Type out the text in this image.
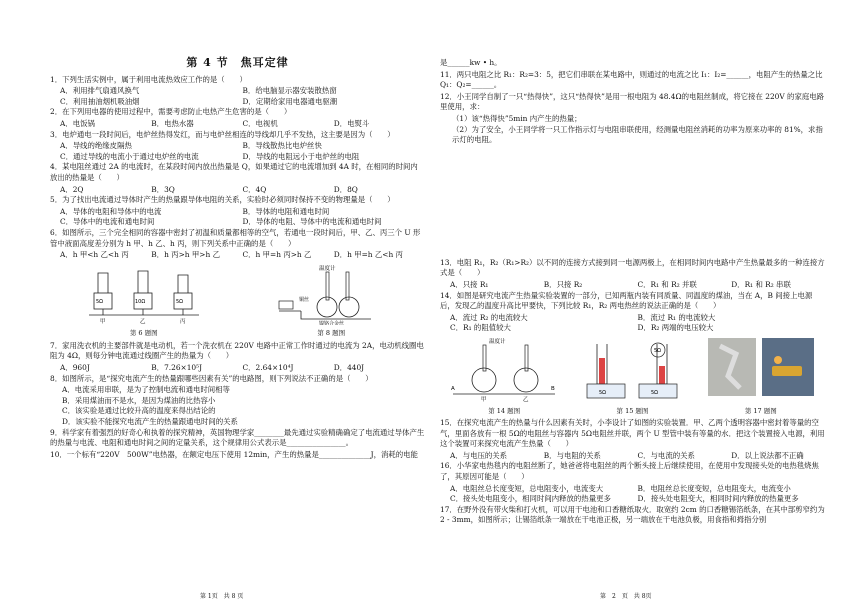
第 4 节　焦耳定律
1．下列生活实例中，属于利用电流热效应工作的是（　　）
A．利用排气扇通风换气	B．给电脑显示器安装散热窗
C．利用抽油烟机吸油烟	D．定期给家用电器通电驱潮
2．在下列用电器的使用过程中，需要考虑防止电热产生危害的是（　　）
A．电饭锅	B．电热水器	C．电视机	D．电熨斗
3．电炉通电一段时间后，电炉丝热得发红，而与电炉丝相连的导线却几乎不发热，这主要是因为（　　）
A．导线的绝缘皮隔热	B．导线散热比电炉丝快
C．通过导线的电流小于通过电炉丝的电流	D．导线的电阻远小于电炉丝的电阻
4．某电阻丝通过 2A 的电流时，在某段时间内放出热量是 Q，如果通过它的电流增加到 4A 时，在相同的时间内放出的热量是（　　）
A．2Q	B．3Q	C．4Q	D．8Q
5．为了找出电流通过导体时产生的热量跟导体电阻的关系，实验时必须同时保持不变的物理量是（　　）
A．导体的电阻和导体中的电流	B．导体的电阻和通电时间
C．导体中的电流和通电时间	D．导体的电阻、导体中的电流和通电时间
6．如图所示，三个完全相同的容器中密封了初温和质量都相等的空气，若通电一段时间后，甲、乙、丙三个 U 形管中液面高度差分别为 h 甲、h 乙、h 丙，则下列关系中正确的是（　　）
A．h 甲<h 乙<h 丙	B．h 丙>h 甲>h 乙	C．h 甲=h 丙>h 乙	D．h 甲=h 乙<h 丙
5Ω	10Ω	5Ω
甲	乙	丙
第 6 题图
温度计
铜丝
镍铬合金丝
第 8 题图
7．家用洗衣机的主要部件就是电动机，若一个洗衣机在 220V 电路中正常工作时通过的电流为 2A，电动机线圈电阻为 4Ω，则每分钟电流通过线圈产生的热量为（　　）
A．960J	B．7.26×10⁵J	C．2.64×10⁴J	D．440J
8．如图所示，是“探究电流产生的热量跟哪些因素有关”的电路图，则下列说法不正确的是（　　）
A．电流采用串联，是为了控制电流和通电时间相等
B．采用煤油而不是水，是因为煤油的比热容小
C．该实验是通过比较升高的温度来得出结论的
D．该实验不能探究电流产生的热量跟通电时间的关系
9．科学家有着强烈的好奇心和执着的探究精神，英国物理学家________最先通过实验精确确定了电流通过导体产生的热量与电流、电阻和通电时间之间的定量关系，这个规律用公式表示是________________。
10．一个标有“220V　500W”电热器，在额定电压下使用 12min，产生的热量是______________J，消耗的电能
第 1页　共 8 页
是______kw • h。
11．两只电阻之比 R₁：R₂=3：5，把它们串联在某电路中，则通过的电流之比 I₁：I₂=______，电阻产生的热量之比 Q₁：Q₂=______。
12．小王同学自制了一只“热得快”，这只“热得快”是用一根电阻为 48.4Ω的电阻丝制成，将它接在 220V 的家庭电路里使用，求：
（1）该“热得快”5min 内产生的热量；
（2）为了安全，小王同学将一只工作指示灯与电阻串联使用，经测量电阻丝消耗的功率为原来功率的 81%，求指示灯的电阻。
13．电阻 R₁，R₂（R₁>R₂）以不同的连接方式接到同一电源两极上，在相同时间内电路中产生热量最多的一种连接方式是（　　）
A．只接 R₁	B．只接 R₂	C．R₁ 和 R₂ 并联	D．R₁ 和 R₂ 串联
14．如图是研究电流产生热量实验装置的一部分，已知两瓶内装有同质量、同温度的煤油，当在 A，B 间接上电源后，发现乙的温度升高比甲要快，下列比较 R₁，R₂ 两电热丝的说法正确的是（　　）
A．流过 R₂ 的电流较大	B．流过 R₁ 的电流较大
C．R₁ 的阻值较大	D．R₂ 两端的电压较大
温度计
A	B
甲	乙
第 14 题图
5Ω	5Ω
5Ω
第 15 题图	第 17 题图
15．在探究电流产生的热量与什么因素有关时，小李设计了如图的实验装置．甲、乙两个透明容器中密封着等量的空气，里面各放有一根 5Ω的电阻丝与容器内 5Ω电阻丝并联，两个 U 型管中装有等量的水．把这个装置接入电源，利用这个装置可来探究电流产生热量（　　）
A．与电压的关系	B．与电阻的关系	C．与电流的关系	D．以上说法都不正确
16．小华家电热毯内的电阻丝断了，她爸爸将电阻丝的两个断头接上后继续使用，在使用中发现接头处的电热毯烧焦了，其原因可能是（　　）
A．电阻丝总长度变短，总电阻变小，电流变大	B．电阻丝总长度变短，总电阻变大，电流变小
C．接头处电阻变小，相同时间内释放的热量更多	D．接头处电阻变大，相同时间内释放的热量更多
17．在野外没有带火柴和打火机，可以用干电池和口香糖纸取火．取宽约 2cm 的口香糖锡箔纸条，在其中部剪窄约为 2 - 3mm，如图所示；让锡箔纸条一端放在干电池正极，另一端放在干电池负极，用食指和拇指分别
第　2　页　共 8页
